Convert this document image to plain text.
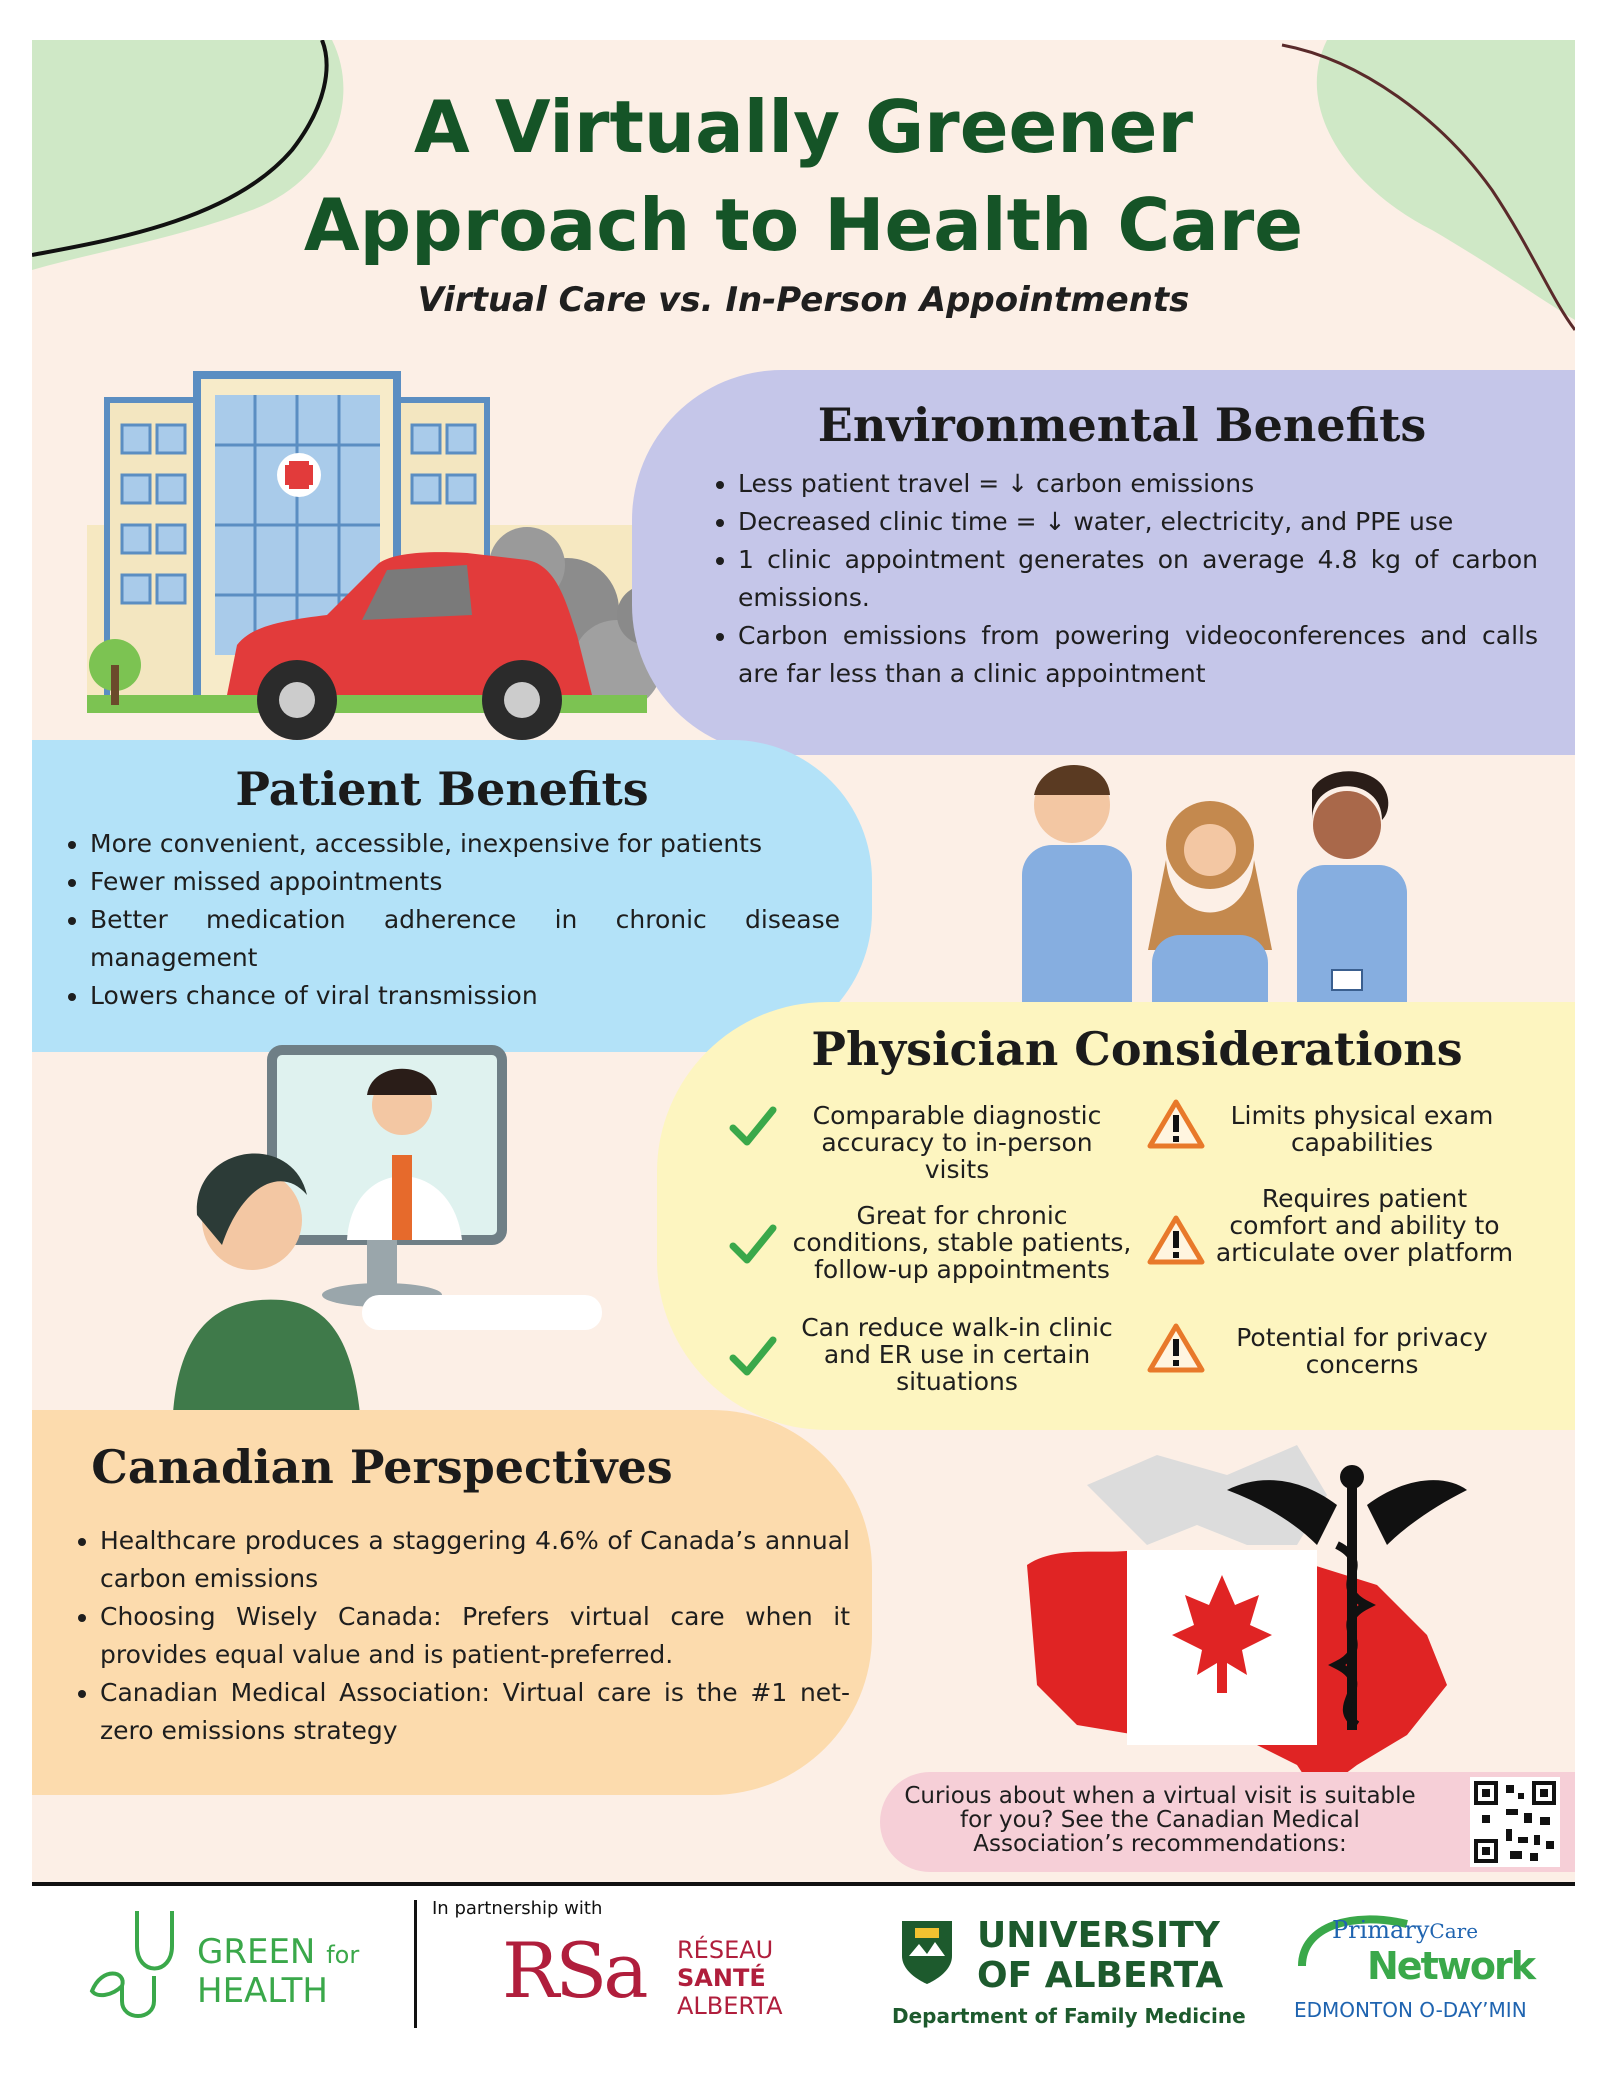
A Virtually Greener
Approach to Health Care
Virtual Care vs. In-Person Appointments
Environmental Benefits
• Less patient travel = ↓ carbon emissions
• Decreased clinic time = ↓ water, electricity, and PPE use
• 1 clinic appointment generates on average 4.8 kg of carbon emissions.
• Carbon emissions from powering videoconferences and calls are far less than a clinic appointment
Patient Benefits
• More convenient, accessible, inexpensive for patients
• Fewer missed appointments
• Better medication adherence in chronic disease management
• Lowers chance of viral transmission
Physician Considerations
Comparable diagnostic accuracy to in-person visits
Great for chronic conditions, stable patients, follow-up appointments
Can reduce walk-in clinic and ER use in certain situations
Limits physical exam capabilities
Requires patient comfort and ability to articulate over platform
Potential for privacy concerns
Canadian Perspectives
• Healthcare produces a staggering 4.6% of Canada’s annual carbon emissions
• Choosing Wisely Canada: Prefers virtual care when it provides equal value and is patient-preferred.
• Canadian Medical Association: Virtual care is the #1 net-zero emissions strategy
Curious about when a virtual visit is suitable for you? See the Canadian Medical Association’s recommendations:
GREEN for
HEALTH
In partnership with
RSa RÉSEAU
SANTÉ
ALBERTA
UNIVERSITY
OF ALBERTA
Department of Family Medicine
PrimaryCare
Network
EDMONTON O-DAY’MIN
